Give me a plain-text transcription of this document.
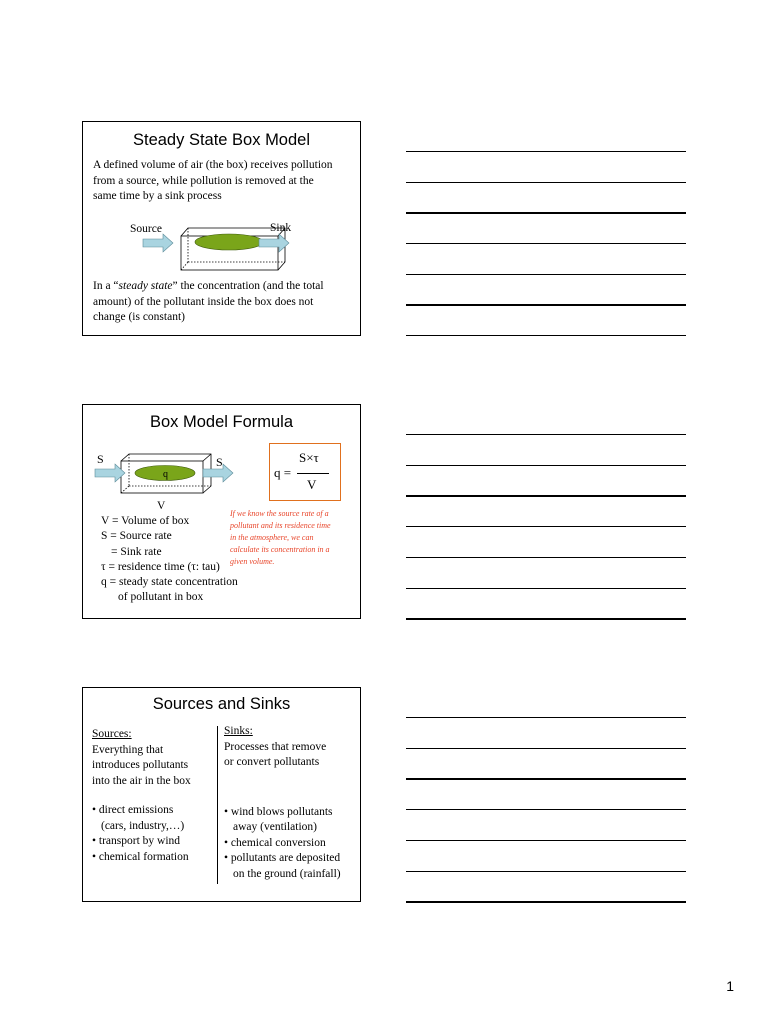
Steady State Box Model
A defined volume of air (the box) receives pollution
from a source, while pollution is removed at the
same time by a sink process
Source	Sink
In a “steady state” the concentration (and the total
amount) of the pollutant inside the box does not
change (is constant)
Box Model Formula
S	S
q
V
q =
S×τ
V
V = Volume of box
S = Source rate
= Sink rate
τ = residence time (τ: tau)
q = steady state concentration
of pollutant in box
If we know the source rate of a
pollutant and its residence time
in the atmosphere, we can
calculate its concentration in a
given volume.
Sources and Sinks
Sources:
Everything that
introduces pollutants
into the air in the box
• direct emissions
(cars, industry,…)
• transport by wind
• chemical formation
Sinks:
Processes that remove
or convert pollutants
• wind blows pollutants
away (ventilation)
• chemical conversion
• pollutants are deposited
on the ground (rainfall)
1
